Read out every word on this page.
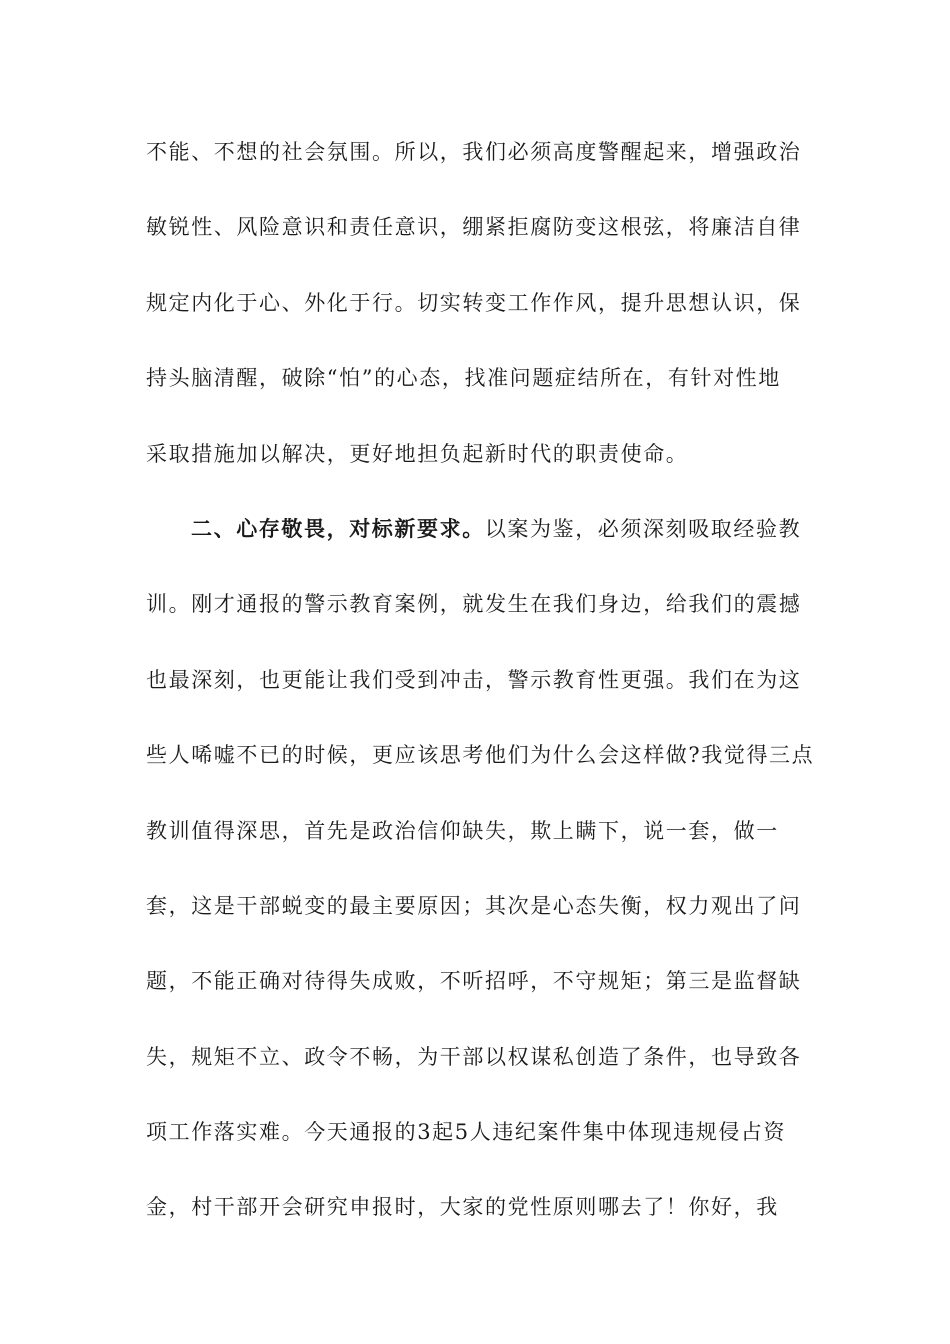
不能、不想的社会氛围。所以，我们必须高度警醒起来，增强政治
敏锐性、风险意识和责任意识，绷紧拒腐防变这根弦，将廉洁自律
规定内化于心、外化于行。切实转变工作作风，提升思想认识，保
持头脑清醒，破除“怕”的心态，找准问题症结所在，有针对性地
采取措施加以解决，更好地担负起新时代的职责使命。
二、心存敬畏，对标新要求。以案为鉴，必须深刻吸取经验教
训。刚才通报的警示教育案例，就发生在我们身边，给我们的震撼
也最深刻，也更能让我们受到冲击，警示教育性更强。我们在为这
些人唏嘘不已的时候，更应该思考他们为什么会这样做?我觉得三点
教训值得深思，首先是政治信仰缺失，欺上瞒下，说一套，做一
套，这是干部蜕变的最主要原因；其次是心态失衡，权力观出了问
题，不能正确对待得失成败，不听招呼，不守规矩；第三是监督缺
失，规矩不立、政令不畅，为干部以权谋私创造了条件，也导致各
项工作落实难。今天通报的3起5人违纪案件集中体现违规侵占资
金，村干部开会研究申报时，大家的党性原则哪去了！你好，我
